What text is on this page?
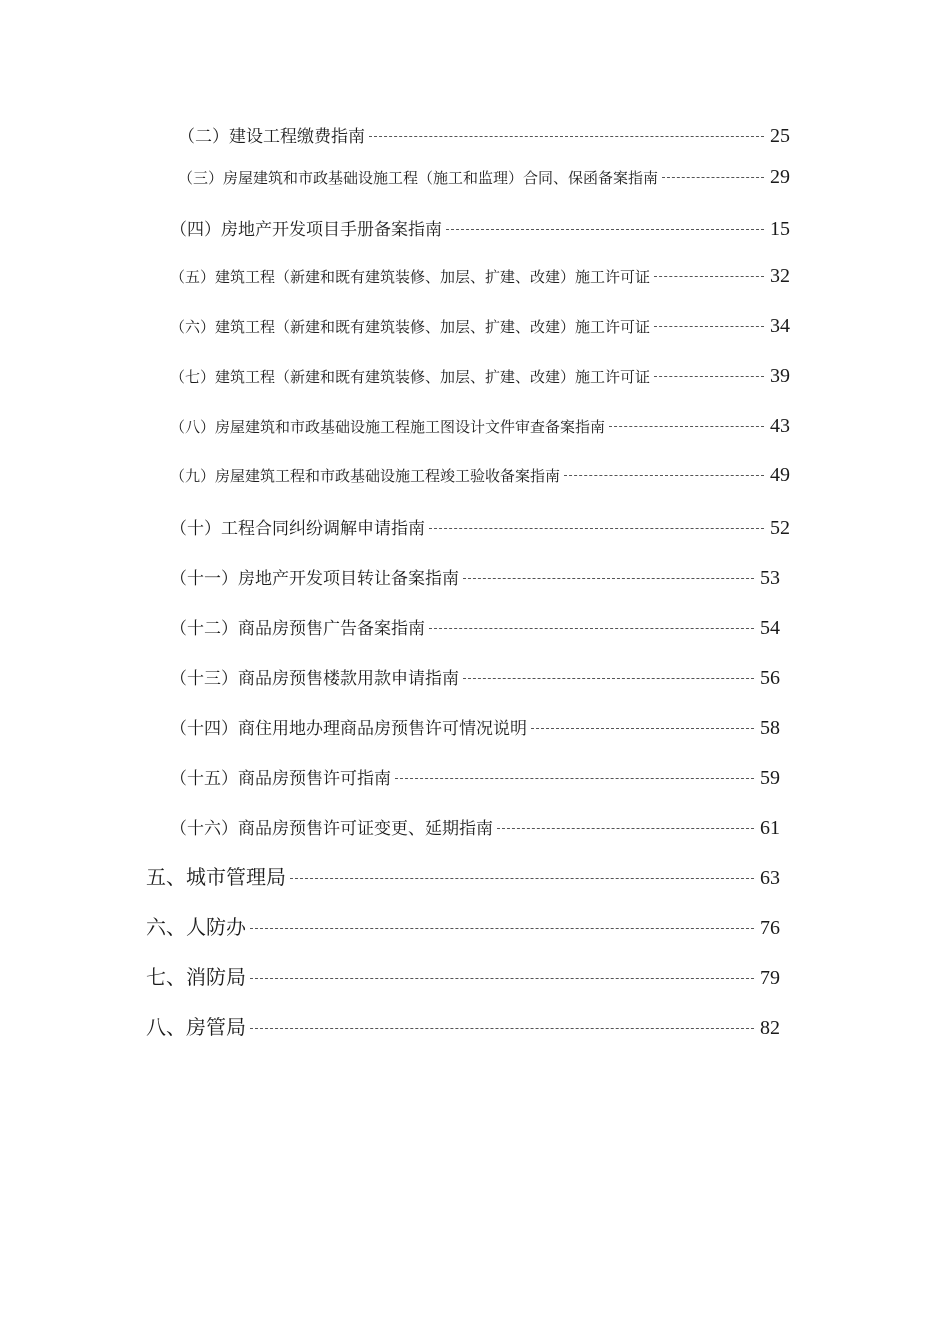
（二）建设工程缴费指南	25
（三）房屋建筑和市政基础设施工程（施工和监理）合同、保函备案指南	29
（四）房地产开发项目手册备案指南	15
（五）建筑工程（新建和既有建筑装修、加层、扩建、改建）施工许可证	32
（六）建筑工程（新建和既有建筑装修、加层、扩建、改建）施工许可证	34
（七）建筑工程（新建和既有建筑装修、加层、扩建、改建）施工许可证	39
（八）房屋建筑和市政基础设施工程施工图设计文件审查备案指南	43
（九）房屋建筑工程和市政基础设施工程竣工验收备案指南	49
（十）工程合同纠纷调解申请指南	52
（十一）房地产开发项目转让备案指南	53
（十二）商品房预售广告备案指南	54
（十三）商品房预售楼款用款申请指南	56
（十四）商住用地办理商品房预售许可情况说明	58
（十五）商品房预售许可指南	59
（十六）商品房预售许可证变更、延期指南	61
五、城市管理局	63
六、人防办	76
七、消防局	79
八、房管局	82
